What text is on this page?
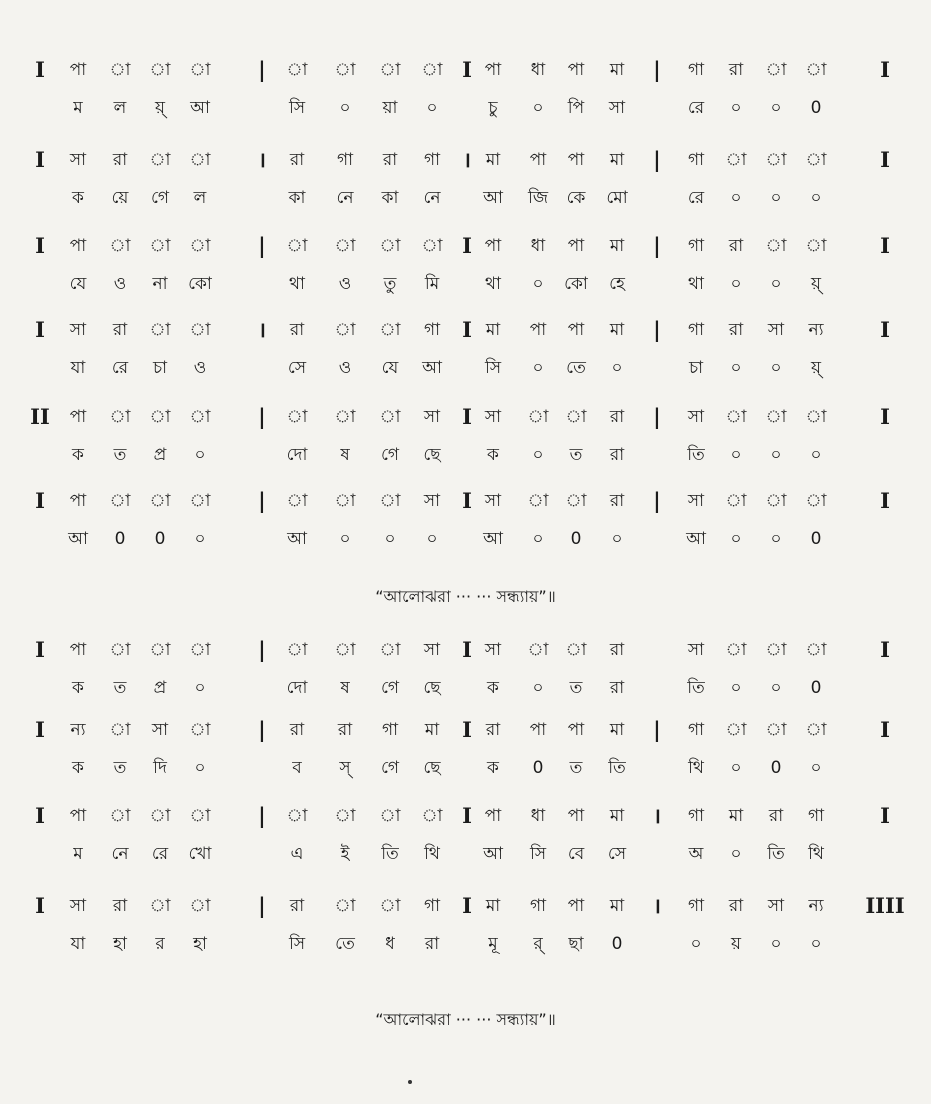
I	পা	া	া	া	|	া	া	া	া I পা	ধা	পা	মা	|	গা	রা	া	া	I
ম	ল	য়্	আ	সি	০	য়া	০	চু	০	পি	সা	রে	০	০	0
I	সা	রা	া	া	।	রা	গা	রা	গা	। মা	পা	পা	মা	|	গা	া	া	া	I
ক	য়ে	গে	ল	কা	নে	কা	নে	আ	জি	কে	মো	রে	০	০	০
I	পা	া	া	া	|	া	া	া	া I পা	ধা	পা	মা	|	গা	রা	া	া	I
যে	ও	না	কো	থা	ও	তু	মি	থা	০	কো	হে	থা	০	০	য়্
I	সা	রা	া	া	।	রা	া	া	গা	I মা	পা	পা	মা	|	গা	রা	সা	ন্য	I
যা	রে	চা	ও	সে	ও	যে	আ	সি	০	তে	০	চা	০	০	য়্
II	পা	া	া	া	|	া	া	া	সা	I সা	া	া	রা	|	সা	া	া	া	I
ক	ত	প্র	০	দো	ষ	গে	ছে	ক	০	ত	রা	তি	০	০	০
I	পা	া	া	া	|	া	া	া	সা	I সা	া	া	রা	|	সা	া	া	া	I
আ	0	0	০	আ	০	০	০	আ	০	0	০	আ	০	০	0
I	পা	া	া	া	|	া	া	া	সা	I সা	া	া	রা	সা	া	া	া	I
ক	ত	প্র	০	দো	ষ	গে	ছে	ক	০	ত	রা	তি	০	০	0
I	ন্য	া	সা	া	|	রা	রা	গা	মা	I রা	পা	পা	মা	|	গা	া	া	া	I
ক	ত	দি	০	ব	স্	গে	ছে	ক	0	ত	তি	থি	০	0	০
I	পা	া	া	া	|	া	া	া	া I পা	ধা	পা	মা	।	গা	মা	রা	গা	I
ম	নে	রে	খো	এ	ই	তি	থি	আ	সি	বে	সে	অ	০	তি	থি
I	সা	রা	া	া	|	রা	া	া	গা	I মা	গা	পা	মা	।	গা	রা	সা	ন্য	IIII
যা	হা	র	হা	সি	তে	ধ	রা	মূ	র্	ছা	0	০	য়	০	০
“আলোঝরা ··· ··· সন্ধ্যায়”॥
“আলোঝরা ··· ··· সন্ধ্যায়”॥
